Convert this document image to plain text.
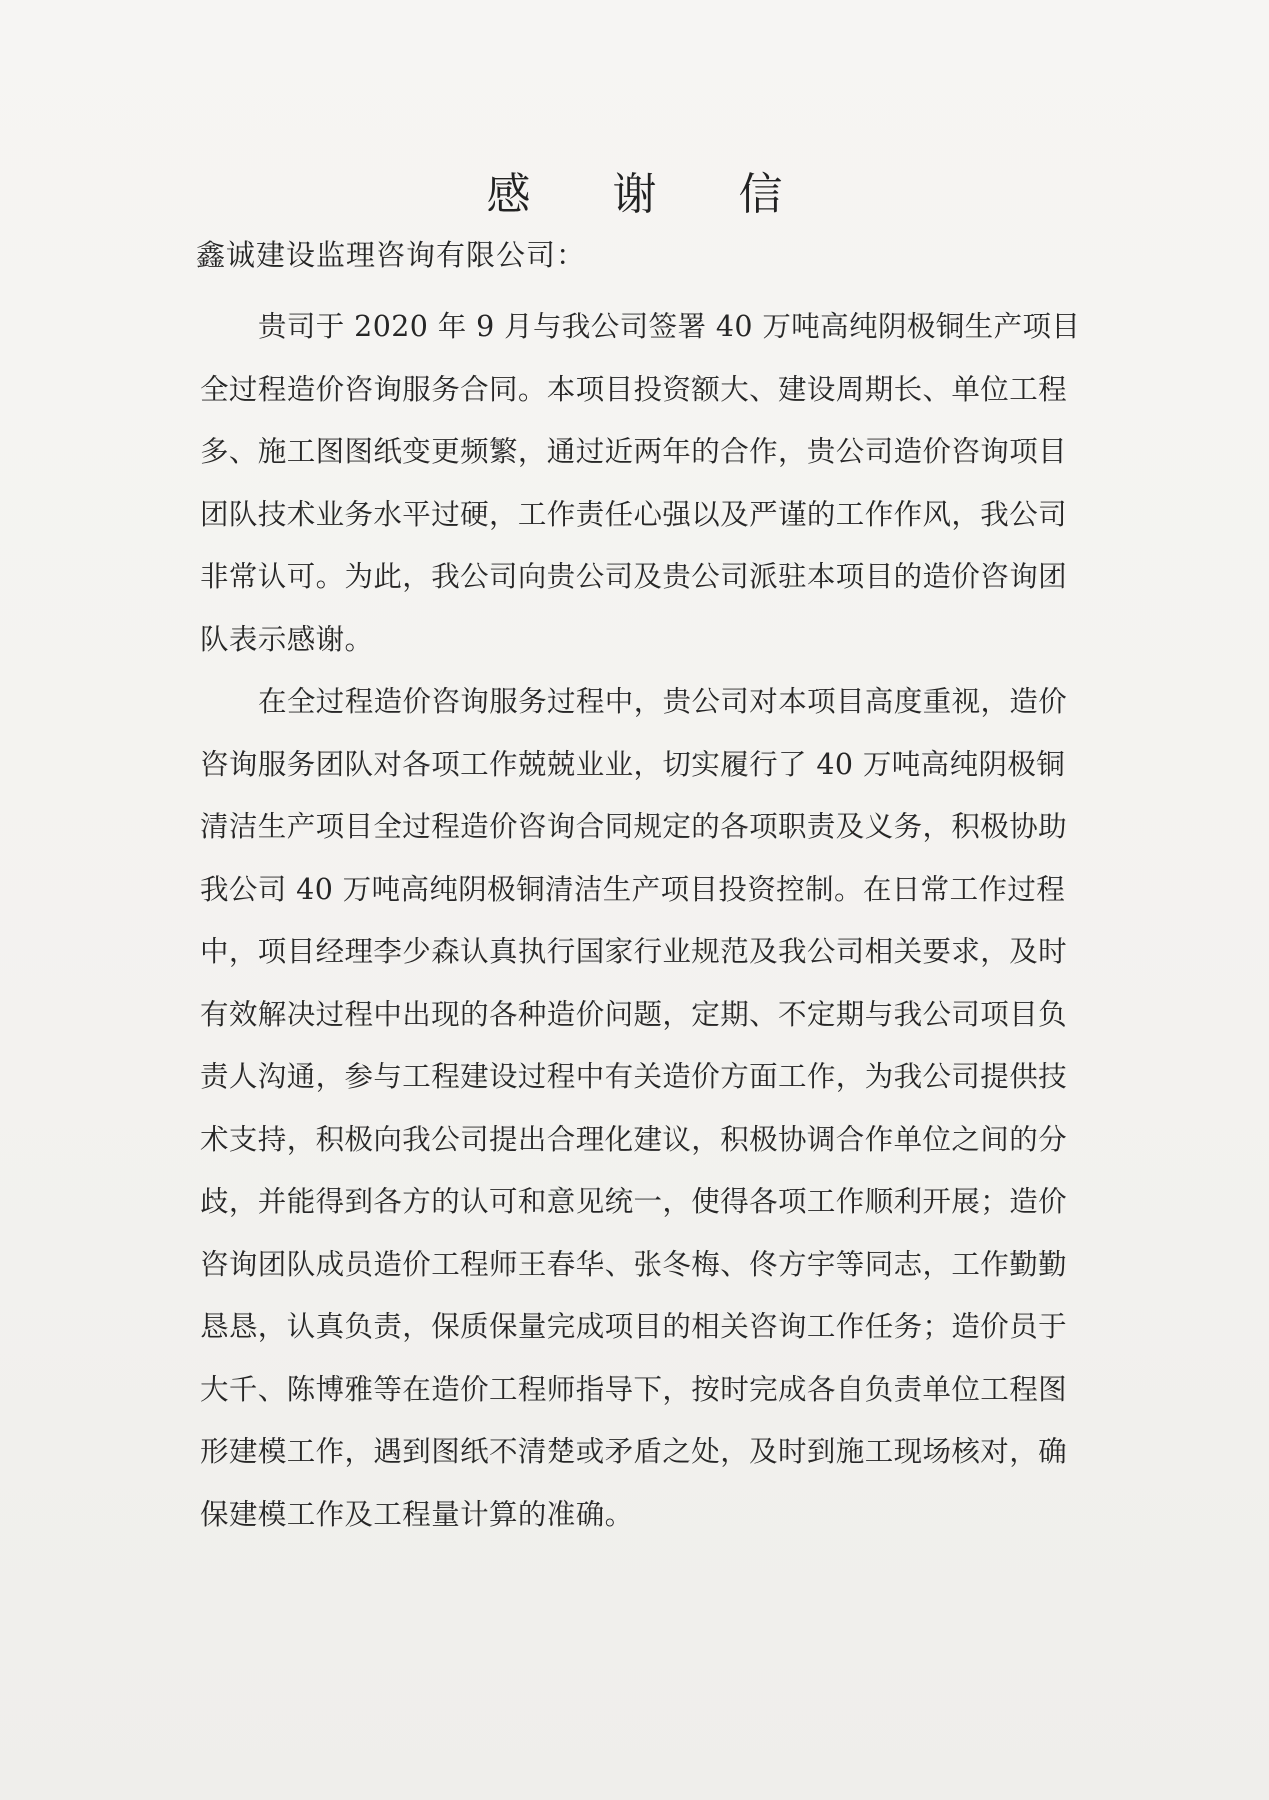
感 谢 信
鑫诚建设监理咨询有限公司：
贵司于 2020 年 9 月与我公司签署 40 万吨高纯阴极铜生产项目
全过程造价咨询服务合同。本项目投资额大、建设周期长、单位工程
多、施工图图纸变更频繁，通过近两年的合作，贵公司造价咨询项目
团队技术业务水平过硬，工作责任心强以及严谨的工作作风，我公司
非常认可。为此，我公司向贵公司及贵公司派驻本项目的造价咨询团
队表示感谢。
在全过程造价咨询服务过程中，贵公司对本项目高度重视，造价
咨询服务团队对各项工作兢兢业业，切实履行了 40 万吨高纯阴极铜
清洁生产项目全过程造价咨询合同规定的各项职责及义务，积极协助
我公司 40 万吨高纯阴极铜清洁生产项目投资控制。在日常工作过程
中，项目经理李少森认真执行国家行业规范及我公司相关要求，及时
有效解决过程中出现的各种造价问题，定期、不定期与我公司项目负
责人沟通，参与工程建设过程中有关造价方面工作，为我公司提供技
术支持，积极向我公司提出合理化建议，积极协调合作单位之间的分
歧，并能得到各方的认可和意见统一，使得各项工作顺利开展；造价
咨询团队成员造价工程师王春华、张冬梅、佟方宇等同志，工作勤勤
恳恳，认真负责，保质保量完成项目的相关咨询工作任务；造价员于
大千、陈博雅等在造价工程师指导下，按时完成各自负责单位工程图
形建模工作，遇到图纸不清楚或矛盾之处，及时到施工现场核对，确
保建模工作及工程量计算的准确。
